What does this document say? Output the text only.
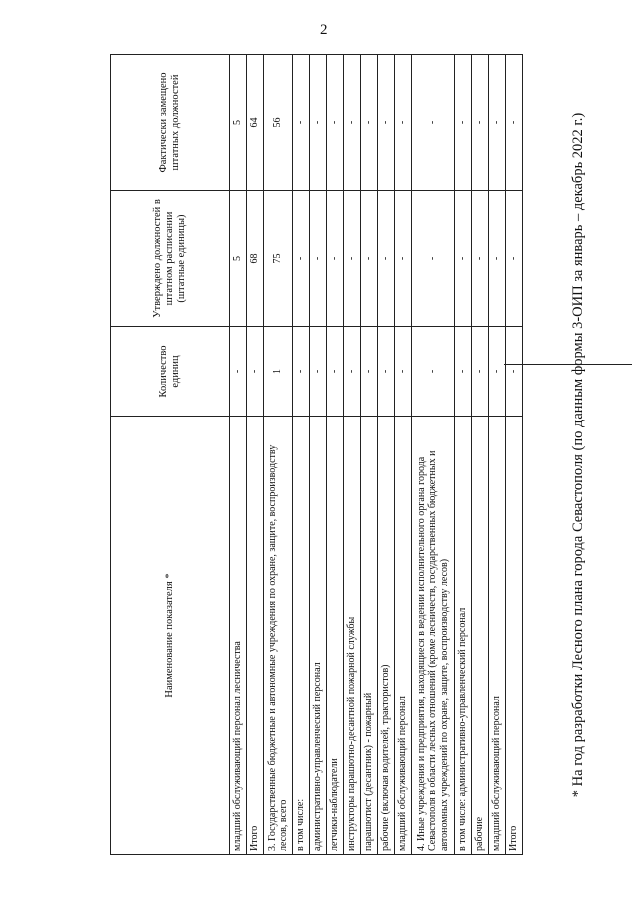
2
Наименование показателя *	Количество единиц	Утверждено должностей в штатном расписании (штатные единицы)	Фактически замещено штатных должностей
младший обслуживающий персонал лесничества	-	5	5
Итого	-	68	64
3. Государственные бюджетные и автономные учреждения по охране, защите, воспроизводству лесов, всего	1	75	56
в том числе:	-	-	-
административно-управленческий персонал	-	-	-
летчики-наблюдатели	-	-	-
инструкторы парашютно-десантной пожарной службы	-	-	-
парашютист (десантник) - пожарный	-	-	-
рабочие (включая водителей, трактористов)	-	-	-
младший обслуживающий персонал	-	-	-
4. Иные учреждения и предприятия, находящиеся в ведении исполнительного органа города Севастополя в области лесных отношений (кроме лесничеств, государственных бюджетных и автономных учреждений по охране, защите, воспроизводству лесов)	-	-	-
в том числе: административно-управленческий персонал	-	-	-
рабочие	-	-	-
младший обслуживающий персонал	-	-	-
Итого	-	-	-	* На год разработки Лесного плана города Севастополя (по данным формы 3-ОИП за январь – декабрь 2022 г.)
